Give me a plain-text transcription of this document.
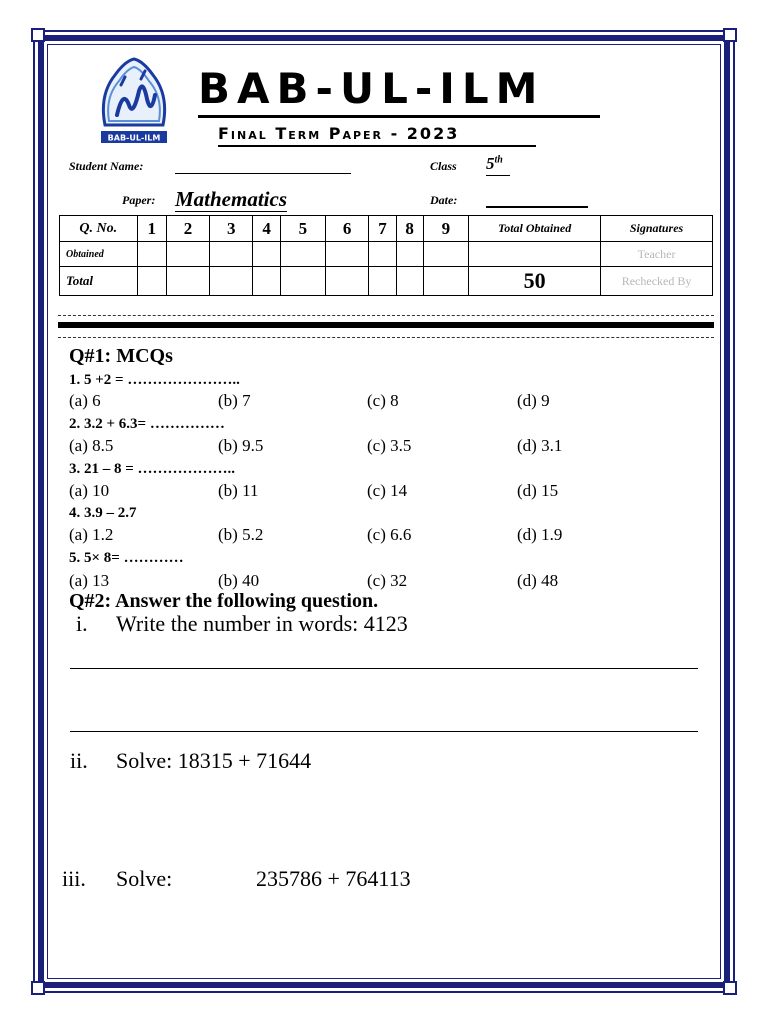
BAB-UL-ILM
BAB-UL-ILM
Final Term Paper - 2023
Student Name:	Class 5th
Paper: Mathematics	Date:
Q. No.	1	2	3	4	5	6	7	8	9	Total Obtained	Signatures
Obtained											Teacher
Total										50	Rechecked By
Q#1: MCQs
1. 5 +2 = …………………..
(a) 6	(b) 7	(c) 8	(d) 9
2. 3.2 + 6.3= ……………
(a) 8.5	(b) 9.5	(c) 3.5	(d) 3.1
3. 21 – 8 = ………………..
(a) 10	(b) 11	(c) 14	(d) 15
4. 3.9 – 2.7
(a) 1.2	(b) 5.2	(c) 6.6	(d) 1.9
5. 5× 8= …………
(a) 13	(b) 40	(c) 32	(d) 48
Q#2: Answer the following question.
i. Write the number in words: 4123
ii. Solve: 18315 + 71644
iii. Solve:	235786 + 764113
